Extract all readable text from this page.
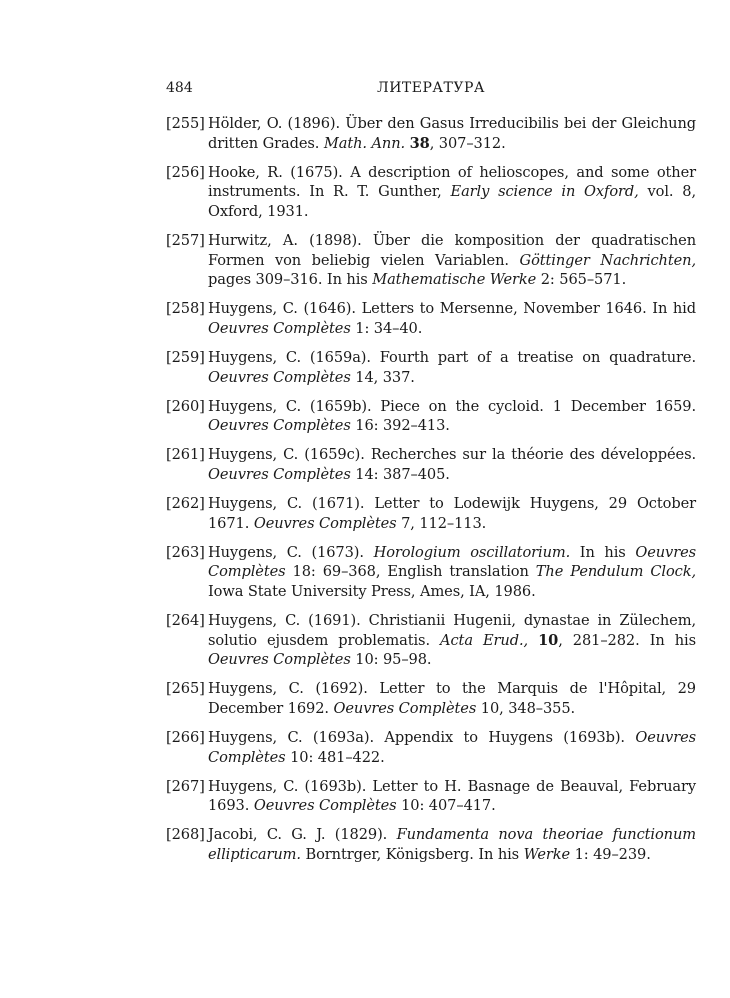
484	ЛИТЕРАТУРА
[255] Hölder, O. (1896). Über den Gasus Irreducibilis bei der Gleichung dritten Grades. Math. Ann. 38, 307–312.
[256] Hooke, R. (1675). A description of helioscopes, and some other instruments. In R. T. Gunther, Early science in Oxford, vol. 8, Oxford, 1931.
[257] Hurwitz, A. (1898). Über die komposition der quadratischen Formen von beliebig vielen Variablen. Göttinger Nachrichten, pages 309–316. In his Mathematische Werke 2: 565–571.
[258] Huygens, C. (1646). Letters to Mersenne, November 1646. In hid Oeuvres Complètes 1: 34–40.
[259] Huygens, C. (1659a). Fourth part of a treatise on quadrature. Oeuvres Complètes 14, 337.
[260] Huygens, C. (1659b). Piece on the cycloid. 1 December 1659. Oeuvres Complètes 16: 392–413.
[261] Huygens, C. (1659c). Recherches sur la théorie des développées. Oeuvres Complètes 14: 387–405.
[262] Huygens, C. (1671). Letter to Lodewijk Huygens, 29 October 1671. Oeuvres Complètes 7, 112–113.
[263] Huygens, C. (1673). Horologium oscillatorium. In his Oeuvres Complètes 18: 69–368, English translation The Pendulum Clock, Iowa State University Press, Ames, IA, 1986.
[264] Huygens, C. (1691). Christianii Hugenii, dynastae in Zülechem, solutio ejusdem problematis. Acta Erud., 10, 281–282. In his Oeuvres Complètes 10: 95–98.
[265] Huygens, C. (1692). Letter to the Marquis de l'Hôpital, 29 December 1692. Oeuvres Complètes 10, 348–355.
[266] Huygens, C. (1693a). Appendix to Huygens (1693b). Oeuvres Complètes 10: 481–422.
[267] Huygens, C. (1693b). Letter to H. Basnage de Beauval, February 1693. Oeuvres Complètes 10: 407–417.
[268] Jacobi, C. G. J. (1829). Fundamenta nova theoriae functionum ellipticarum. Borntrger, Königsberg. In his Werke 1: 49–239.
